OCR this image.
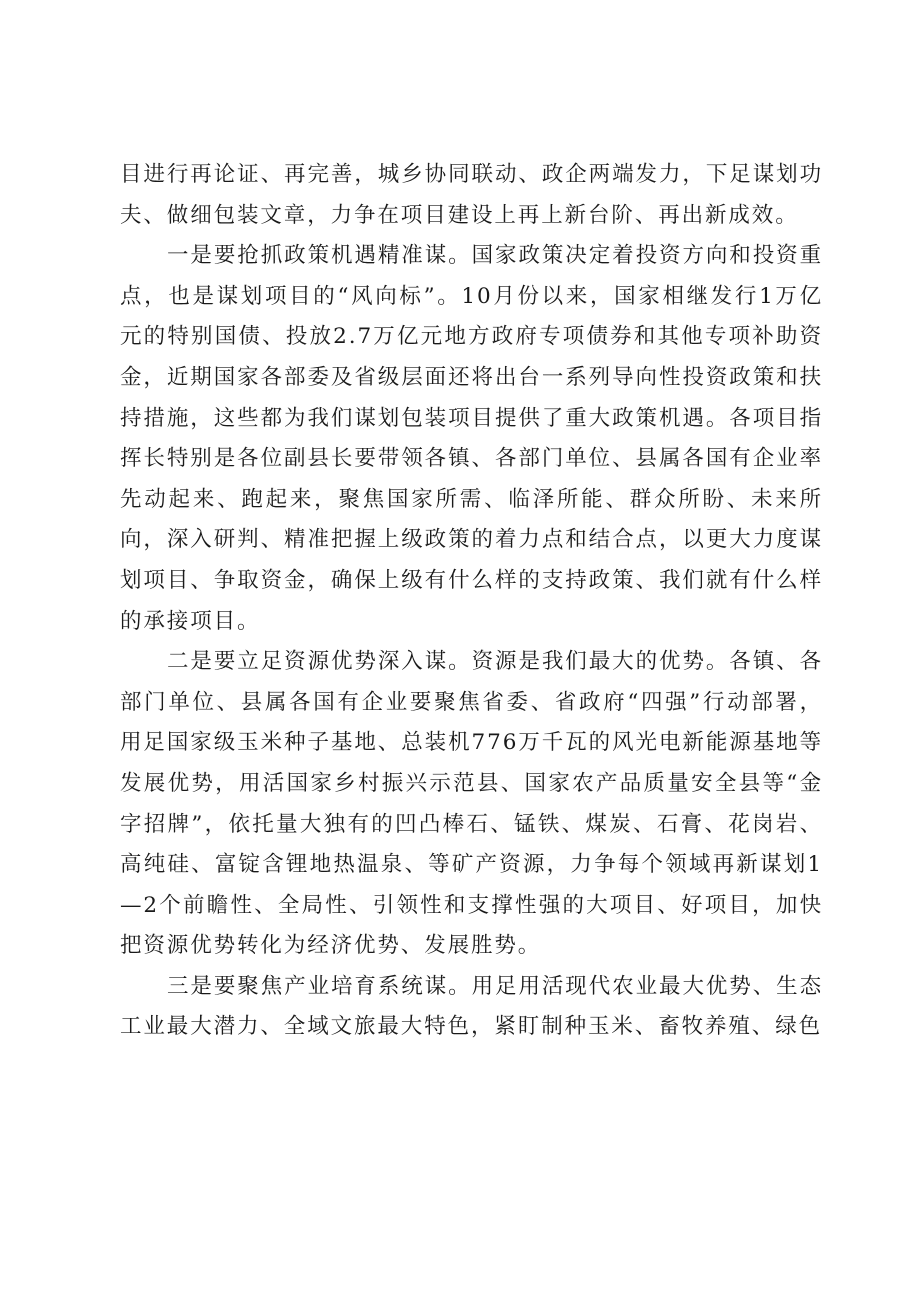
目进行再论证、再完善，城乡协同联动、政企两端发力，下足谋划功夫、做细包装文章，力争在项目建设上再上新台阶、再出新成效。

一是要抢抓政策机遇精准谋。国家政策决定着投资方向和投资重点，也是谋划项目的“风向标”。10月份以来，国家相继发行1万亿元的特别国债、投放2.7万亿元地方政府专项债券和其他专项补助资金，近期国家各部委及省级层面还将出台一系列导向性投资政策和扶持措施，这些都为我们谋划包装项目提供了重大政策机遇。各项目指挥长特别是各位副县长要带领各镇、各部门单位、县属各国有企业率先动起来、跑起来，聚焦国家所需、临泽所能、群众所盼、未来所向，深入研判、精准把握上级政策的着力点和结合点，以更大力度谋划项目、争取资金，确保上级有什么样的支持政策、我们就有什么样的承接项目。

二是要立足资源优势深入谋。资源是我们最大的优势。各镇、各部门单位、县属各国有企业要聚焦省委、省政府“四强”行动部署，用足国家级玉米种子基地、总装机776万千瓦的风光电新能源基地等发展优势，用活国家乡村振兴示范县、国家农产品质量安全县等“金字招牌”，依托量大独有的凹凸棒石、锰铁、煤炭、石膏、花岗岩、高纯硅、富锭含锂地热温泉、等矿产资源，力争每个领域再新谋划1—2个前瞻性、全局性、引领性和支撑性强的大项目、好项目，加快把资源优势转化为经济优势、发展胜势。

三是要聚焦产业培育系统谋。用足用活现代农业最大优势、生态工业最大潜力、全域文旅最大特色，紧盯制种玉米、畜牧养殖、绿色
